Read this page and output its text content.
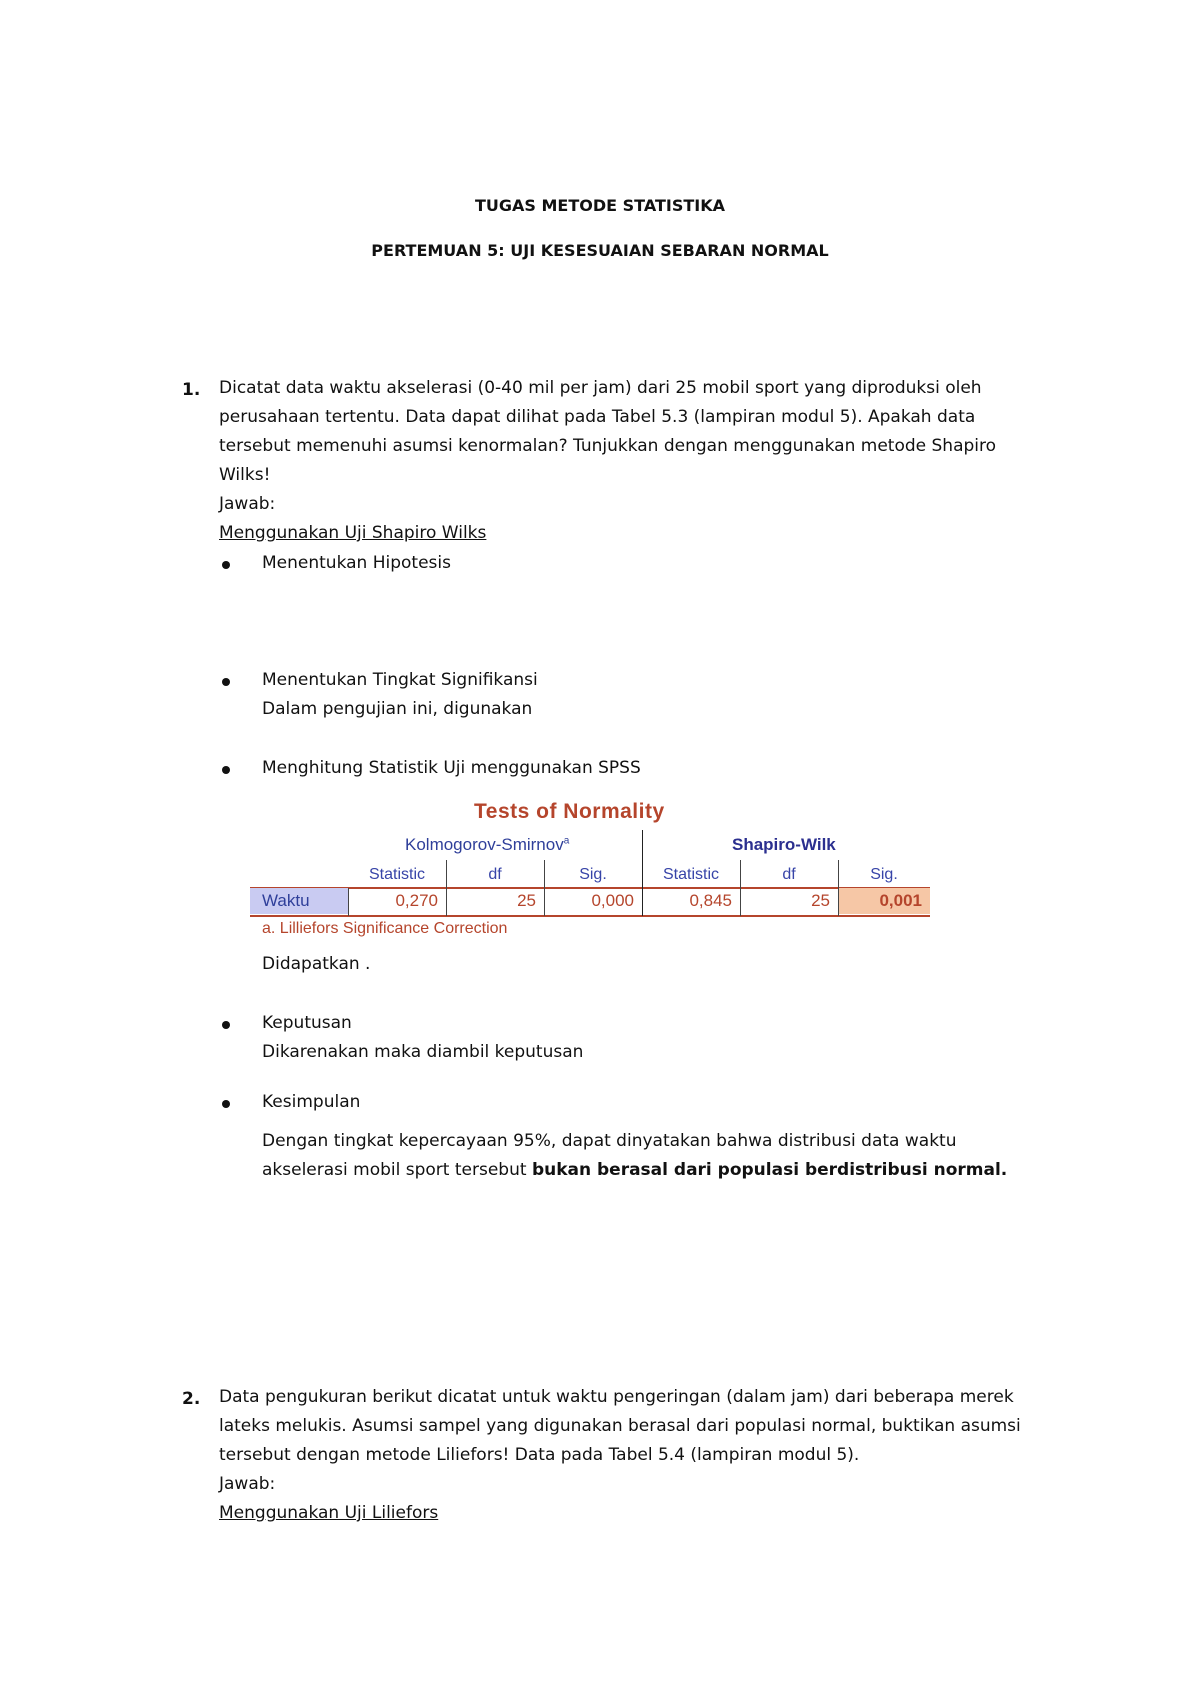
TUGAS METODE STATISTIKA
PERTEMUAN 5: UJI KESESUAIAN SEBARAN NORMAL
1. Dicatat data waktu akselerasi (0-40 mil per jam) dari 25 mobil sport yang diproduksi oleh
perusahaan tertentu. Data dapat dilihat pada Tabel 5.3 (lampiran modul 5). Apakah data
tersebut memenuhi asumsi kenormalan? Tunjukkan dengan menggunakan metode Shapiro
Wilks!
Jawab:
Menggunakan Uji Shapiro Wilks
Menentukan Hipotesis
Menentukan Tingkat Signifikansi
Dalam pengujian ini, digunakan
Menghitung Statistik Uji menggunakan SPSS
Tests of Normality
Kolmogorov-Smirnov$^a$	Shapiro-Wilk
Statistic	df	Sig.	Statistic	df	Sig.
Waktu	0,270	25	0,000	0,845	25	0,001
a. Lilliefors Significance Correction
Didapatkan .
Keputusan
Dikarenakan maka diambil keputusan
Kesimpulan
Dengan tingkat kepercayaan 95%, dapat dinyatakan bahwa distribusi data waktu
akselerasi mobil sport tersebut bukan berasal dari populasi berdistribusi normal.
2. Data pengukuran berikut dicatat untuk waktu pengeringan (dalam jam) dari beberapa merek
lateks melukis. Asumsi sampel yang digunakan berasal dari populasi normal, buktikan asumsi
tersebut dengan metode Liliefors! Data pada Tabel 5.4 (lampiran modul 5).
Jawab:
Menggunakan Uji Liliefors
